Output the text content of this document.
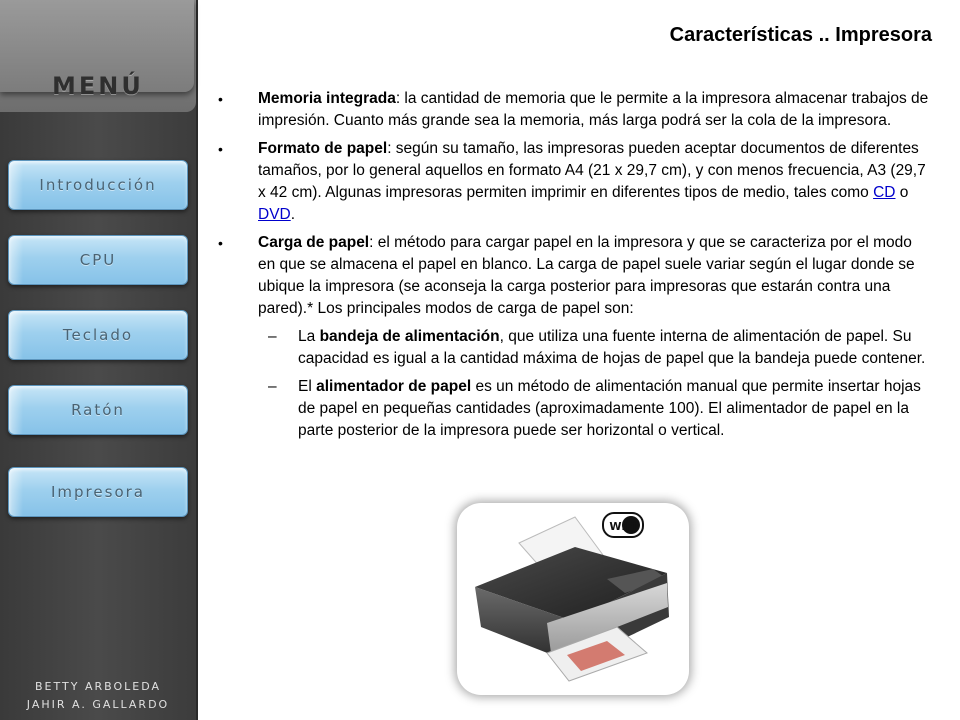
MENÚ
Introducción
CPU
Teclado
Ratón
Impresora
BETTY ARBOLEDA
JAHIR A. GALLARDO
Características .. Impresora
• Memoria integrada: la cantidad de memoria que le permite a la impresora almacenar trabajos de impresión. Cuanto más grande sea la memoria, más larga podrá ser la cola de la impresora.
• Formato de papel: según su tamaño, las impresoras pueden aceptar documentos de diferentes tamaños, por lo general aquellos en formato A4 (21 x 29,7 cm), y con menos frecuencia, A3 (29,7 x 42 cm). Algunas impresoras permiten imprimir en diferentes tipos de medio, tales como CD o DVD.
• Carga de papel: el método para cargar papel en la impresora y que se caracteriza por el modo en que se almacena el papel en blanco. La carga de papel suele variar según el lugar donde se ubique la impresora (se aconseja la carga posterior para impresoras que estarán contra una pared).* Los principales modos de carga de papel son:
– La bandeja de alimentación, que utiliza una fuente interna de alimentación de papel. Su capacidad es igual a la cantidad máxima de hojas de papel que la bandeja puede contener.
– El alimentador de papel es un método de alimentación manual que permite insertar hojas de papel en pequeñas cantidades (aproximadamente 100). El alimentador de papel en la parte posterior de la impresora puede ser horizontal o vertical.
WiFi
